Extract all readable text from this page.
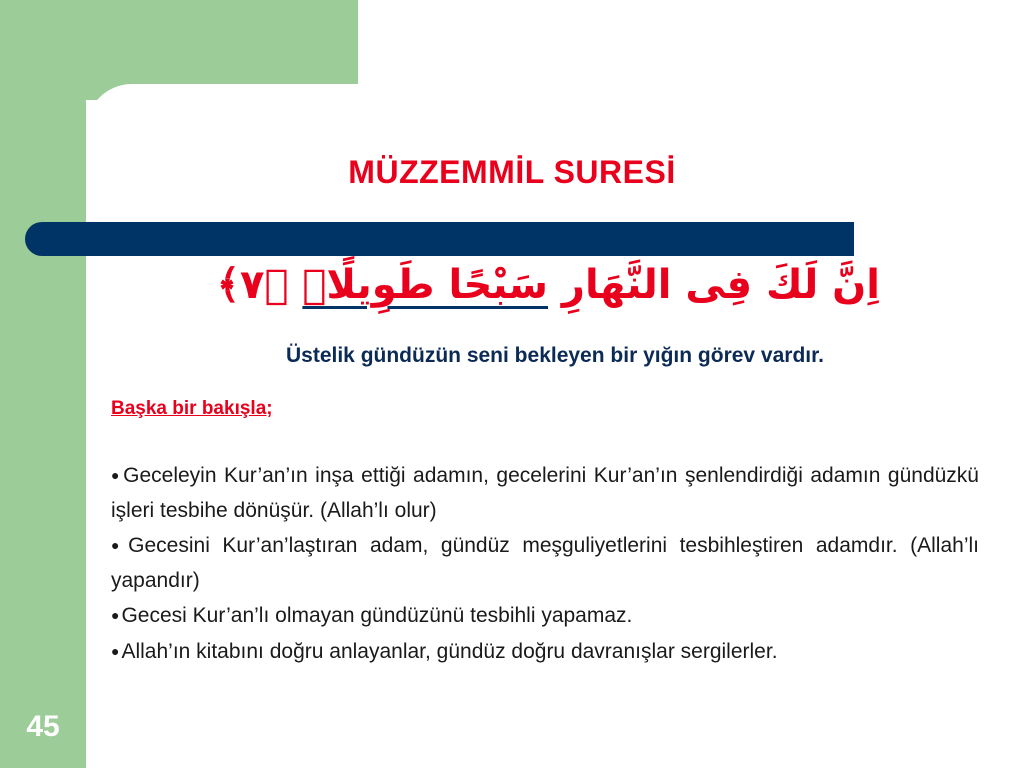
MÜZZEMMİL SURESİ
اِنَّ لَكَ فِى النَّهَارِ سَبْحًا طَوِيلًاۜ ﴿٧﴾
Üstelik gündüzün seni bekleyen bir yığın görev vardır.
Başka bir bakışla;
●Geceleyin Kur’an’ın inşa ettiği adamın, gecelerini Kur’an’ın şenlendirdiği adamın gündüzkü işleri tesbihe dönüşür. (Allah’lı olur)
●Gecesini Kur’an’laştıran adam, gündüz meşguliyetlerini tesbihleştiren adamdır. (Allah’lı yapandır)
●Gecesi Kur’an’lı olmayan gündüzünü tesbihli yapamaz.
●Allah’ın kitabını doğru anlayanlar, gündüz doğru davranışlar sergilerler.
45
